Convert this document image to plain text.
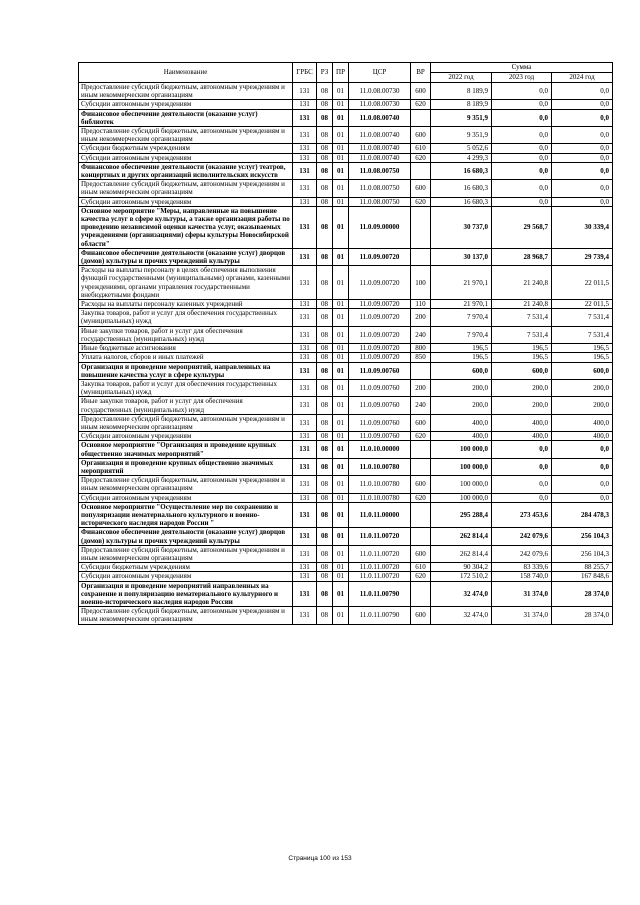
Наименование	ГРБС	РЗ	ПР	ЦСР	ВР	Сумма		
						2022 год	2023 год	2024 год
Предоставление субсидий бюджетным, автономным учреждениям и иным некоммерческим организациям	131	08	01	11.0.08.00730	600	8 189,9	0,0	0,0
Субсидии автономным учреждениям	131	08	01	11.0.08.00730	620	8 189,9	0,0	0,0
Финансовое обеспечение деятельности (оказание услуг) библиотек	131	08	01	11.0.08.00740		9 351,9	0,0	0,0
Предоставление субсидий бюджетным, автономным учреждениям и иным некоммерческим организациям	131	08	01	11.0.08.00740	600	9 351,9	0,0	0,0
Субсидии бюджетным учреждениям	131	08	01	11.0.08.00740	610	5 052,6	0,0	0,0
Субсидии автономным учреждениям	131	08	01	11.0.08.00740	620	4 299,3	0,0	0,0
Финансовое обеспечение деятельности (оказание услуг) театров, концертных и других организаций исполнительских искусств	131	08	01	11.0.08.00750		16 680,3	0,0	0,0
Предоставление субсидий бюджетным, автономным учреждениям и иным некоммерческим организациям	131	08	01	11.0.08.00750	600	16 680,3	0,0	0,0
Субсидии автономным учреждениям	131	08	01	11.0.08.00750	620	16 680,3	0,0	0,0
Основное мероприятие "Меры, направленные на повышение качества услуг в сфере культуры, а также организация работы по проведению независимой оценки качества услуг, оказываемых учреждениями (организациями) сферы культуры Новосибирской области"	131	08	01	11.0.09.00000		30 737,0	29 568,7	30 339,4
Финансовое обеспечение деятельности (оказание услуг) дворцов (домов) культуры и прочих учреждений культуры	131	08	01	11.0.09.00720		30 137,0	28 968,7	29 739,4
Расходы на выплаты персоналу в целях обеспечения выполнения функций государственными (муниципальными) органами, казенными учреждениями, органами управления государственными внебюджетными фондами	131	08	01	11.0.09.00720	100	21 970,1	21 240,8	22 011,5
Расходы на выплаты персоналу казенных учреждений	131	08	01	11.0.09.00720	110	21 970,1	21 240,8	22 011,5
Закупка товаров, работ и услуг для обеспечения государственных (муниципальных) нужд	131	08	01	11.0.09.00720	200	7 970,4	7 531,4	7 531,4
Иные закупки товаров, работ и услуг для обеспечения государственных (муниципальных) нужд	131	08	01	11.0.09.00720	240	7 970,4	7 531,4	7 531,4
Иные бюджетные ассигнования	131	08	01	11.0.09.00720	800	196,5	196,5	196,5
Уплата налогов, сборов и иных платежей	131	08	01	11.0.09.00720	850	196,5	196,5	196,5
Организация и проведение мероприятий, направленных на повышение качества услуг в сфере культуры	131	08	01	11.0.09.00760		600,0	600,0	600,0
Закупка товаров, работ и услуг для обеспечения государственных (муниципальных) нужд	131	08	01	11.0.09.00760	200	200,0	200,0	200,0
Иные закупки товаров, работ и услуг для обеспечения государственных (муниципальных) нужд	131	08	01	11.0.09.00760	240	200,0	200,0	200,0
Предоставление субсидий бюджетным, автономным учреждениям и иным некоммерческим организациям	131	08	01	11.0.09.00760	600	400,0	400,0	400,0
Субсидии автономным учреждениям	131	08	01	11.0.09.00760	620	400,0	400,0	400,0
Основное мероприятие "Организация и проведение крупных общественно значимых мероприятий"	131	08	01	11.0.10.00000		100 000,0	0,0	0,0
Организация и проведение крупных общественно значимых мероприятий	131	08	01	11.0.10.00780		100 000,0	0,0	0,0
Предоставление субсидий бюджетным, автономным учреждениям и иным некоммерческим организациям	131	08	01	11.0.10.00780	600	100 000,0	0,0	0,0
Субсидии автономным учреждениям	131	08	01	11.0.10.00780	620	100 000,0	0,0	0,0
Основное мероприятие "Осуществление мер по сохранению и популяризации нематериального культурного и военно-исторического наследия народов России "	131	08	01	11.0.11.00000		295 288,4	273 453,6	284 478,3
Финансовое обеспечение деятельности (оказание услуг) дворцов (домов) культуры и прочих учреждений культуры	131	08	01	11.0.11.00720		262 814,4	242 079,6	256 104,3
Предоставление субсидий бюджетным, автономным учреждениям и иным некоммерческим организациям	131	08	01	11.0.11.00720	600	262 814,4	242 079,6	256 104,3
Субсидии бюджетным учреждениям	131	08	01	11.0.11.00720	610	90 304,2	83 339,6	88 255,7
Субсидии автономным учреждениям	131	08	01	11.0.11.00720	620	172 510,2	158 740,0	167 848,6
Организация и проведение мероприятий направленных на сохранение и популяризацию нематериального культурного и военно-исторического наследия народов России	131	08	01	11.0.11.00790		32 474,0	31 374,0	28 374,0
Предоставление субсидий бюджетным, автономным учреждениям и иным некоммерческим организациям	131	08	01	11.0.11.00790	600	32 474,0	31 374,0	28 374,0
Страница 100 из 153
